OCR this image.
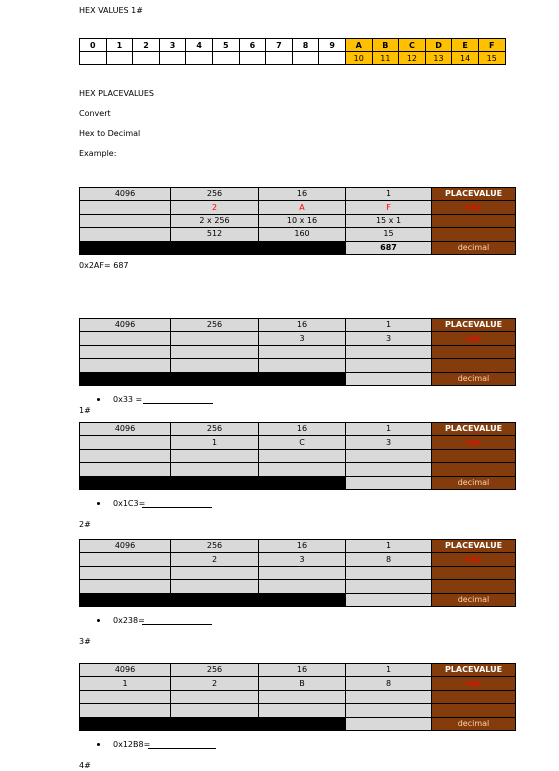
HEX VALUES 1#
0	1	2	3	4	5	6	7	8	9	A	B	C	D	E	F
										10	11	12	13	14	15
HEX PLACEVALUES
Convert
Hex to Decimal
Example:
4096	256	16	1	PLACEVALUE
	2	A	F	hex
	2 x 256	10 x 16	15 x 1	
	512	160	15	
			687	decimal
0x2AF= 687
4096	256	16	1	PLACEVALUE
		3	3	hex

				decimal
0x33 =
1#
4096	256	16	1	PLACEVALUE
	1	C	3	hex

				decimal
0x1C3=
2#
4096	256	16	1	PLACEVALUE
	2	3	8	hex

				decimal
0x238=
3#
4096	256	16	1	PLACEVALUE
1	2	B	8	hex

				decimal
0x12B8=
4#
